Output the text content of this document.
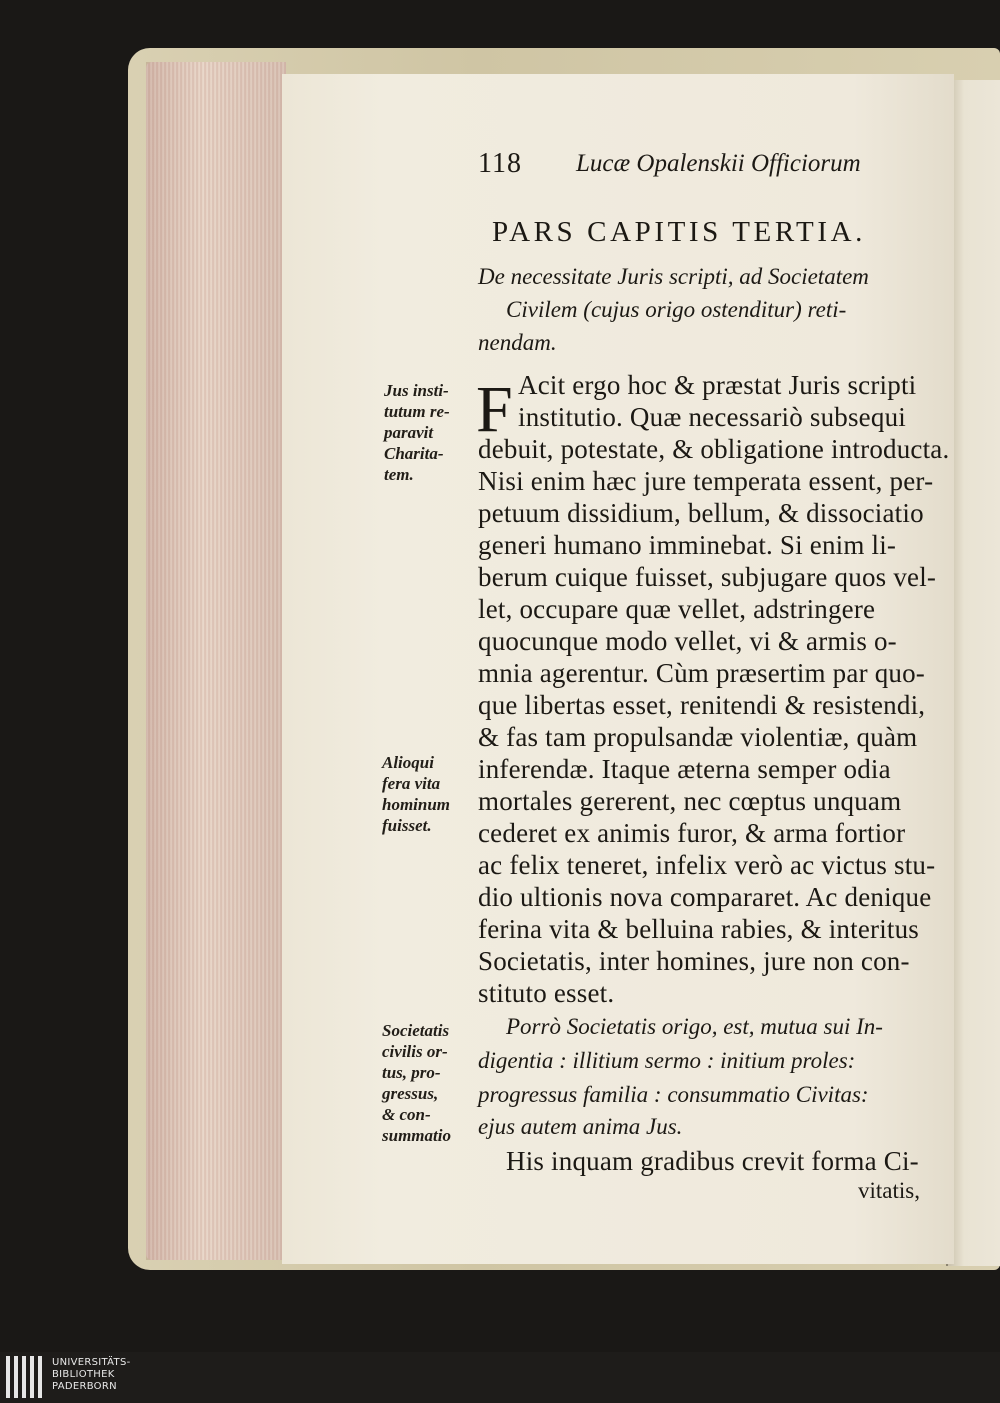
118 Lucæ Opalenskii Officiorum
PARS CAPITIS TERTIA.
De necessitate Juris scripti, ad Societatem
Civilem (cujus origo ostenditur) reti-
nendam.
F Acit ergo hoc & præstat Juris scripti
institutio. Quæ necessariò subsequi
debuit, potestate, & obligatione introducta.
Nisi enim hæc jure temperata essent, per-
petuum dissidium, bellum, & dissociatio
generi humano imminebat. Si enim li-
berum cuique fuisset, subjugare quos vel-
let, occupare quæ vellet, adstringere
quocunque modo vellet, vi & armis o-
mnia agerentur. Cùm præsertim par quo-
que libertas esset, renitendi & resistendi,
& fas tam propulsandæ violentiæ, quàm
inferendæ. Itaque æterna semper odia
mortales gererent, nec cœptus unquam
cederet ex animis furor, & arma fortior
ac felix teneret, infelix verò ac victus stu-
dio ultionis nova compararet. Ac denique
ferina vita & belluina rabies, & interitus
Societatis, inter homines, jure non con-
stituto esset.
Porrò Societatis origo, est, mutua sui In-
digentia : illitium sermo : initium proles:
progressus familia : consummatio Civitas:
ejus autem anima Jus.
His inquam gradibus crevit forma Ci-
vitatis,
Jus insti-
tutum re-
paravit
Charita-
tem.
Alioqui
fera vita
hominum
fuisset.
Societatis
civilis or-
tus, pro-
gressus,
& con-
summatio
UNIVERSITÄTS-
BIBLIOTHEK
PADERBORN
